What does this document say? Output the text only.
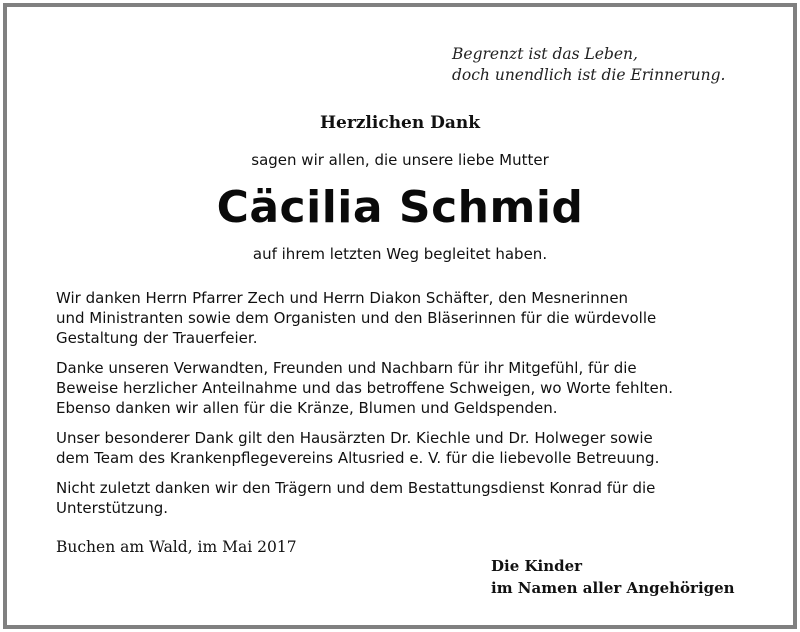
Begrenzt ist das Leben,
doch unendlich ist die Erinnerung.
Herzlichen Dank
sagen wir allen, die unsere liebe Mutter
Cäcilia Schmid
auf ihrem letzten Weg begleitet haben.

Wir danken Herrn Pfarrer Zech und Herrn Diakon Schäfter, den Mesnerinnen
und Ministranten sowie dem Organisten und den Bläserinnen für die würdevolle
Gestaltung der Trauerfeier.

Danke unseren Verwandten, Freunden und Nachbarn für ihr Mitgefühl, für die
Beweise herzlicher Anteilnahme und das betroffene Schweigen, wo Worte fehlten.
Ebenso danken wir allen für die Kränze, Blumen und Geldspenden.

Unser besonderer Dank gilt den Hausärzten Dr. Kiechle und Dr. Holweger sowie
dem Team des Krankenpflegevereins Altusried e. V. für die liebevolle Betreuung.

Nicht zuletzt danken wir den Trägern und dem Bestattungsdienst Konrad für die
Unterstützung.

Buchen am Wald, im Mai 2017
Die Kinder
im Namen aller Angehörigen
